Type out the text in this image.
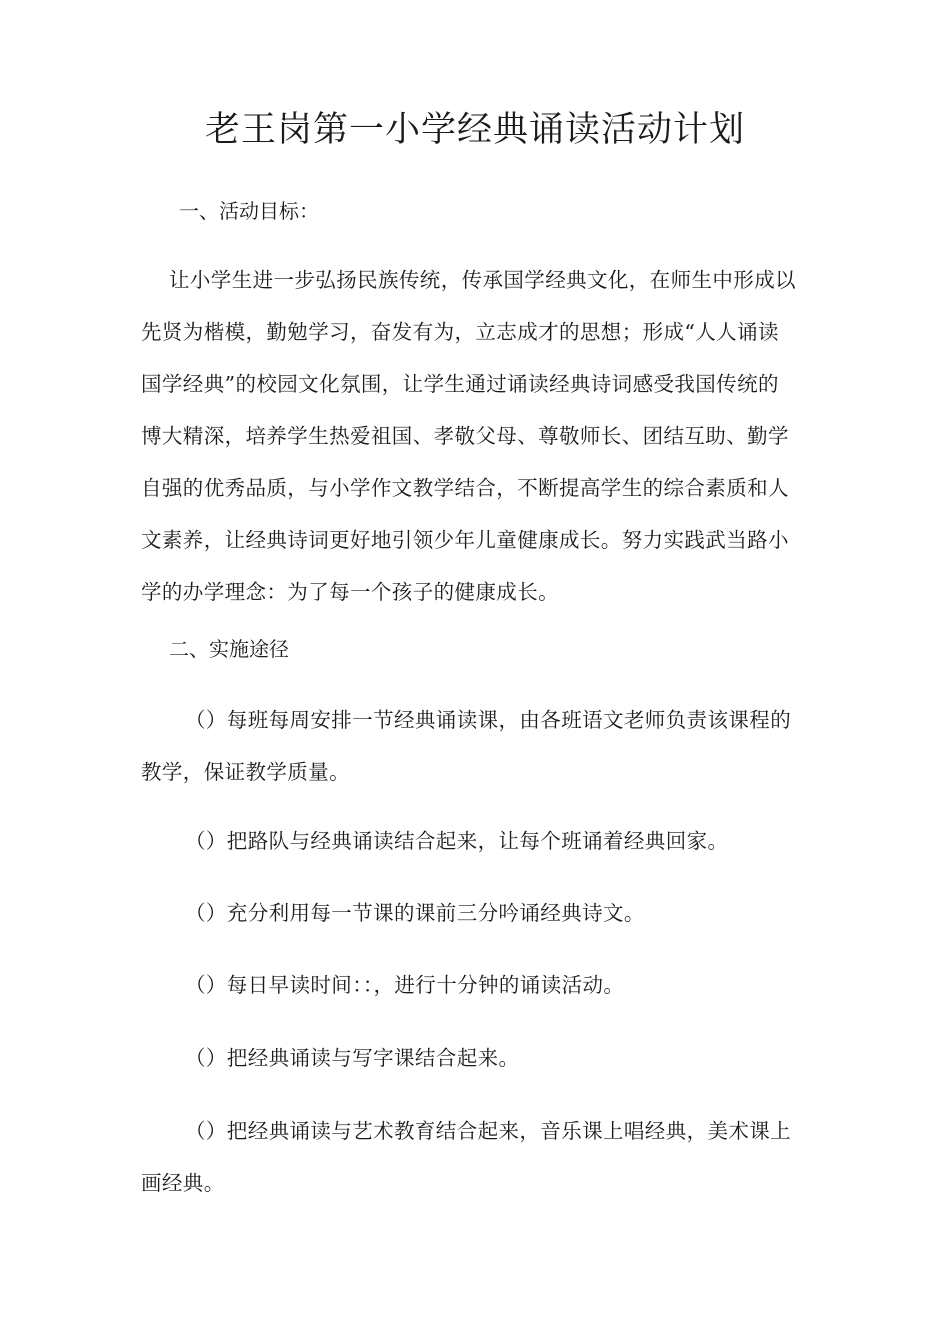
老王岗第一小学经典诵读活动计划
一、活动目标：
让小学生进一步弘扬民族传统，传承国学经典文化，在师生中形成以
先贤为楷模，勤勉学习，奋发有为，立志成才的思想；形成“人人诵读
国学经典”的校园文化氛围，让学生通过诵读经典诗词感受我国传统的
博大精深，培养学生热爱祖国、孝敬父母、尊敬师长、团结互助、勤学
自强的优秀品质，与小学作文教学结合，不断提高学生的综合素质和人
文素养，让经典诗词更好地引领少年儿童健康成长。努力实践武当路小
学的办学理念：为了每一个孩子的健康成长。
二、实施途径
（）每班每周安排一节经典诵读课，由各班语文老师负责该课程的
教学，保证教学质量。
（）把路队与经典诵读结合起来，让每个班诵着经典回家。
（）充分利用每一节课的课前三分吟诵经典诗文。
（）每日早读时间：：，进行十分钟的诵读活动。
（）把经典诵读与写字课结合起来。
（）把经典诵读与艺术教育结合起来，音乐课上唱经典，美术课上
画经典。
